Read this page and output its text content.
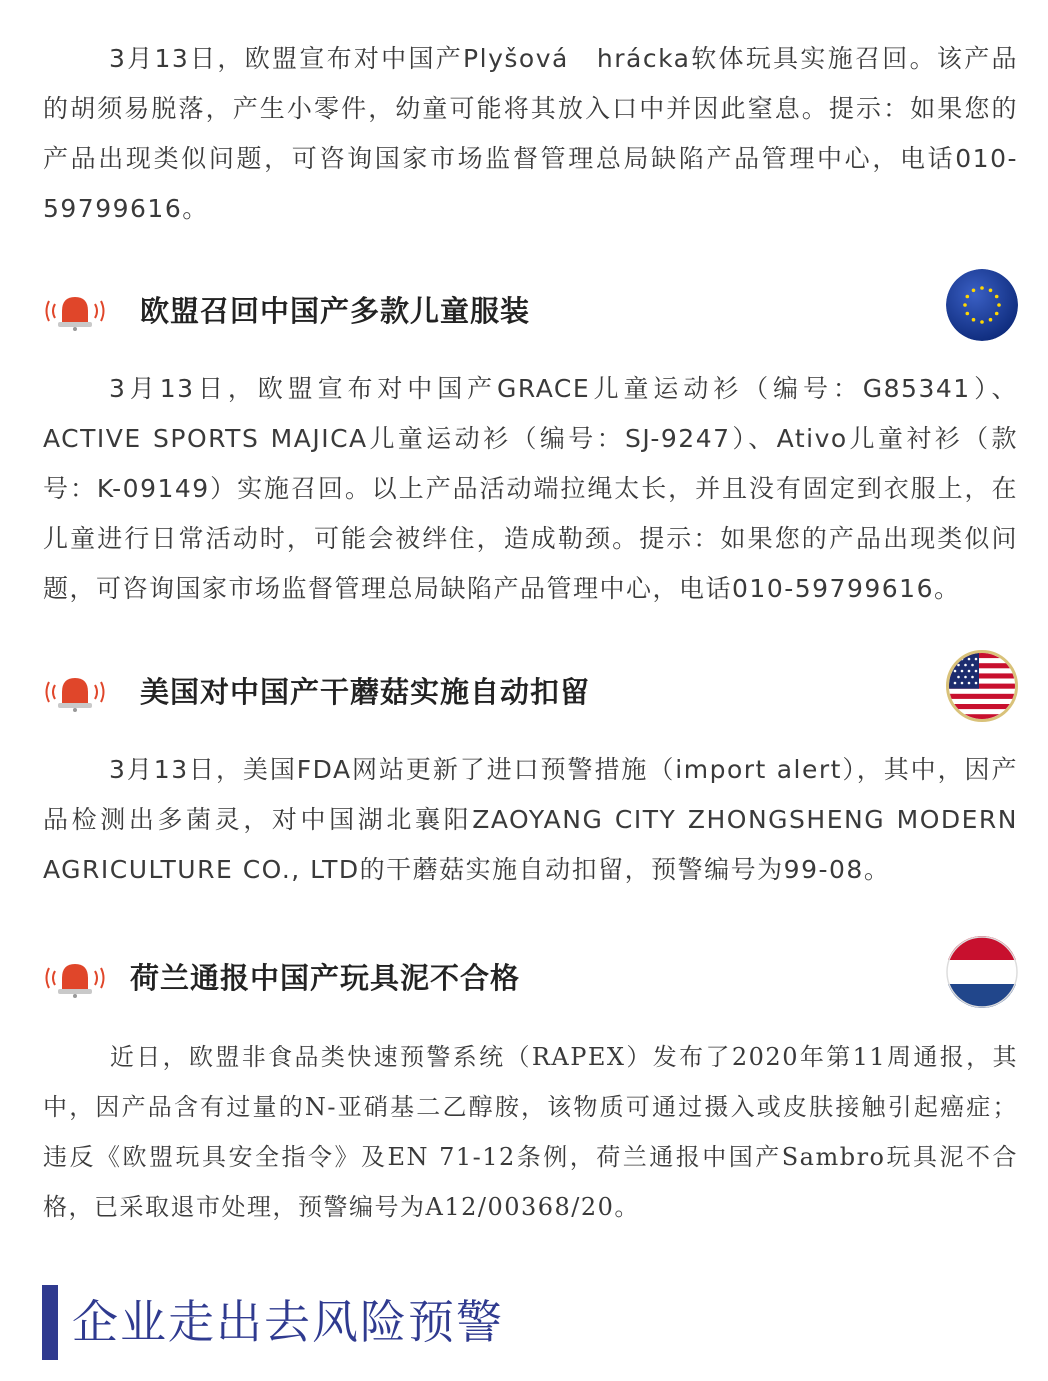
3月13日，欧盟宣布对中国产Plyšová　hrácka软体玩具实施召回。该产品的胡须易脱落，产生小零件，幼童可能将其放入口中并因此窒息。提示：如果您的产品出现类似问题，可咨询国家市场监督管理总局缺陷产品管理中心，电话010-59799616。

欧盟召回中国产多款儿童服装

3月13日，欧盟宣布对中国产GRACE儿童运动衫（编号：G85341）、ACTIVE SPORTS MAJICA儿童运动衫（编号：SJ-9247）、Ativo儿童衬衫（款号：K-09149）实施召回。以上产品活动端拉绳太长，并且没有固定到衣服上，在儿童进行日常活动时，可能会被绊住，造成勒颈。提示：如果您的产品出现类似问题，可咨询国家市场监督管理总局缺陷产品管理中心，电话010-59799616。

美国对中国产干蘑菇实施自动扣留

3月13日，美国FDA网站更新了进口预警措施（import alert），其中，因产品检测出多菌灵，对中国湖北襄阳ZAOYANG CITY ZHONGSHENG MODERN AGRICULTURE CO., LTD的干蘑菇实施自动扣留，预警编号为99-08。

荷兰通报中国产玩具泥不合格

近日，欧盟非食品类快速预警系统（RAPEX）发布了2020年第11周通报，其中，因产品含有过量的N-亚硝基二乙醇胺，该物质可通过摄入或皮肤接触引起癌症；违反《欧盟玩具安全指令》及EN 71-12条例，荷兰通报中国产Sambro玩具泥不合格，已采取退市处理，预警编号为A12/00368/20。

企业走出去风险预警
